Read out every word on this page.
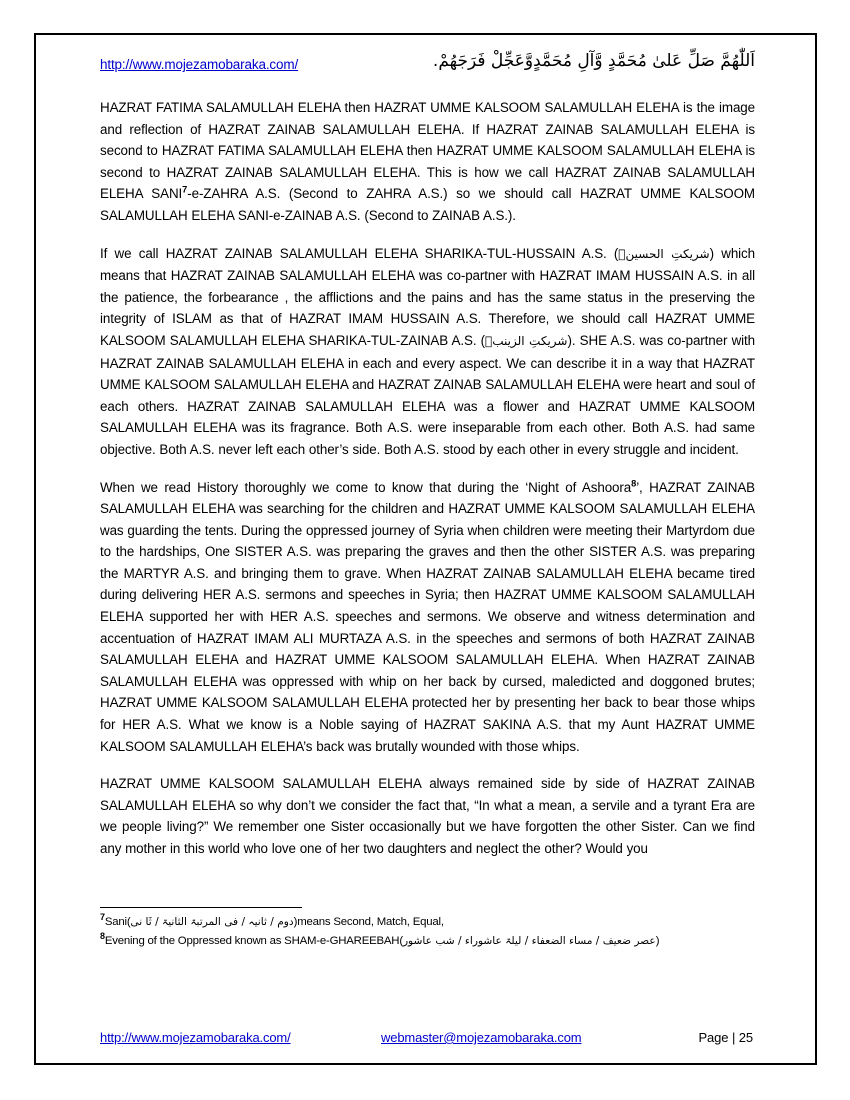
http://www.mojezamobaraka.com/	اَللّٰهُمَّ صَلِّ عَلىٰ مُحَمَّدٍ وَّآلِ مُحَمَّدٍوَّعَجِّلْ فَرَجَهُمْ.

HAZRAT FATIMA SALAMULLAH ELEHA then HAZRAT UMME KALSOOM SALAMULLAH ELEHA is the image and reflection of HAZRAT ZAINAB SALAMULLAH ELEHA. If HAZRAT ZAINAB SALAMULLAH ELEHA is second to HAZRAT FATIMA SALAMULLAH ELEHA then HAZRAT UMME KALSOOM SALAMULLAH ELEHA is second to HAZRAT ZAINAB SALAMULLAH ELEHA. This is how we call HAZRAT ZAINAB SALAMULLAH ELEHA SANI$^7$-e-ZAHRA A.S. (Second to ZAHRA A.S.) so we should call HAZRAT UMME KALSOOM SALAMULLAH ELEHA SANI-e-ZAINAB A.S. (Second to ZAINAB A.S.).

If we call HAZRAT ZAINAB SALAMULLAH ELEHA SHARIKA-TUL-HUSSAIN A.S. (شریکتِ الحسینؑ) which means that HAZRAT ZAINAB SALAMULLAH ELEHA was co-partner with HAZRAT IMAM HUSSAIN A.S. in all the patience, the forbearance , the afflictions and the pains and has the same status in the preserving the integrity of ISLAM as that of HAZRAT IMAM HUSSAIN A.S. Therefore, we should call HAZRAT UMME KALSOOM SALAMULLAH ELEHA SHARIKA-TUL-ZAINAB A.S. (شریکتِ الزینبؑ). SHE A.S. was co-partner with HAZRAT ZAINAB SALAMULLAH ELEHA in each and every aspect. We can describe it in a way that HAZRAT UMME KALSOOM SALAMULLAH ELEHA and HAZRAT ZAINAB SALAMULLAH ELEHA were heart and soul of each others. HAZRAT ZAINAB SALAMULLAH ELEHA was a flower and HAZRAT UMME KALSOOM SALAMULLAH ELEHA was its fragrance. Both A.S. were inseparable from each other. Both A.S. had same objective. Both A.S. never left each other’s side. Both A.S. stood by each other in every struggle and incident.

When we read History thoroughly we come to know that during the ‘Night of Ashoora$^8$’, HAZRAT ZAINAB SALAMULLAH ELEHA was searching for the children and HAZRAT UMME KALSOOM SALAMULLAH ELEHA was guarding the tents. During the oppressed journey of Syria when children were meeting their Martyrdom due to the hardships, One SISTER A.S. was preparing the graves and then the other SISTER A.S. was preparing the MARTYR A.S. and bringing them to grave. When HAZRAT ZAINAB SALAMULLAH ELEHA became tired during delivering HER A.S. sermons and speeches in Syria; then HAZRAT UMME KALSOOM SALAMULLAH ELEHA supported her with HER A.S. speeches and sermons. We observe and witness determination and accentuation of HAZRAT IMAM ALI MURTAZA A.S. in the speeches and sermons of both HAZRAT ZAINAB SALAMULLAH ELEHA and HAZRAT UMME KALSOOM SALAMULLAH ELEHA. When HAZRAT ZAINAB SALAMULLAH ELEHA was oppressed with whip on her back by cursed, maledicted and doggoned brutes; HAZRAT UMME KALSOOM SALAMULLAH ELEHA protected her by presenting her back to bear those whips for HER A.S. What we know is a Noble saying of HAZRAT SAKINA A.S. that my Aunt HAZRAT UMME KALSOOM SALAMULLAH ELEHA’s back was brutally wounded with those whips.

HAZRAT UMME KALSOOM SALAMULLAH ELEHA always remained side by side of HAZRAT ZAINAB SALAMULLAH ELEHA so why don’t we consider the fact that, “In what a mean, a servile and a tyrant Era are we people living?” We remember one Sister occasionally but we have forgotten the other Sister. Can we find any mother in this world who love one of her two daughters and neglect the other? Would you

$^7$Sani(دوم / ثانیہ / فی المرتبۃ الثانیۃ / ثَا نی)means Second, Match, Equal,
$^8$Evening of the Oppressed known as SHAM-e-GHAREEBAH(عصر ضعیف / مساء الضعفاء / لیلۃ عاشوراء / شب عاشور)
http://www.mojezamobaraka.com/	webmaster@mojezamobaraka.com	Page | 25
